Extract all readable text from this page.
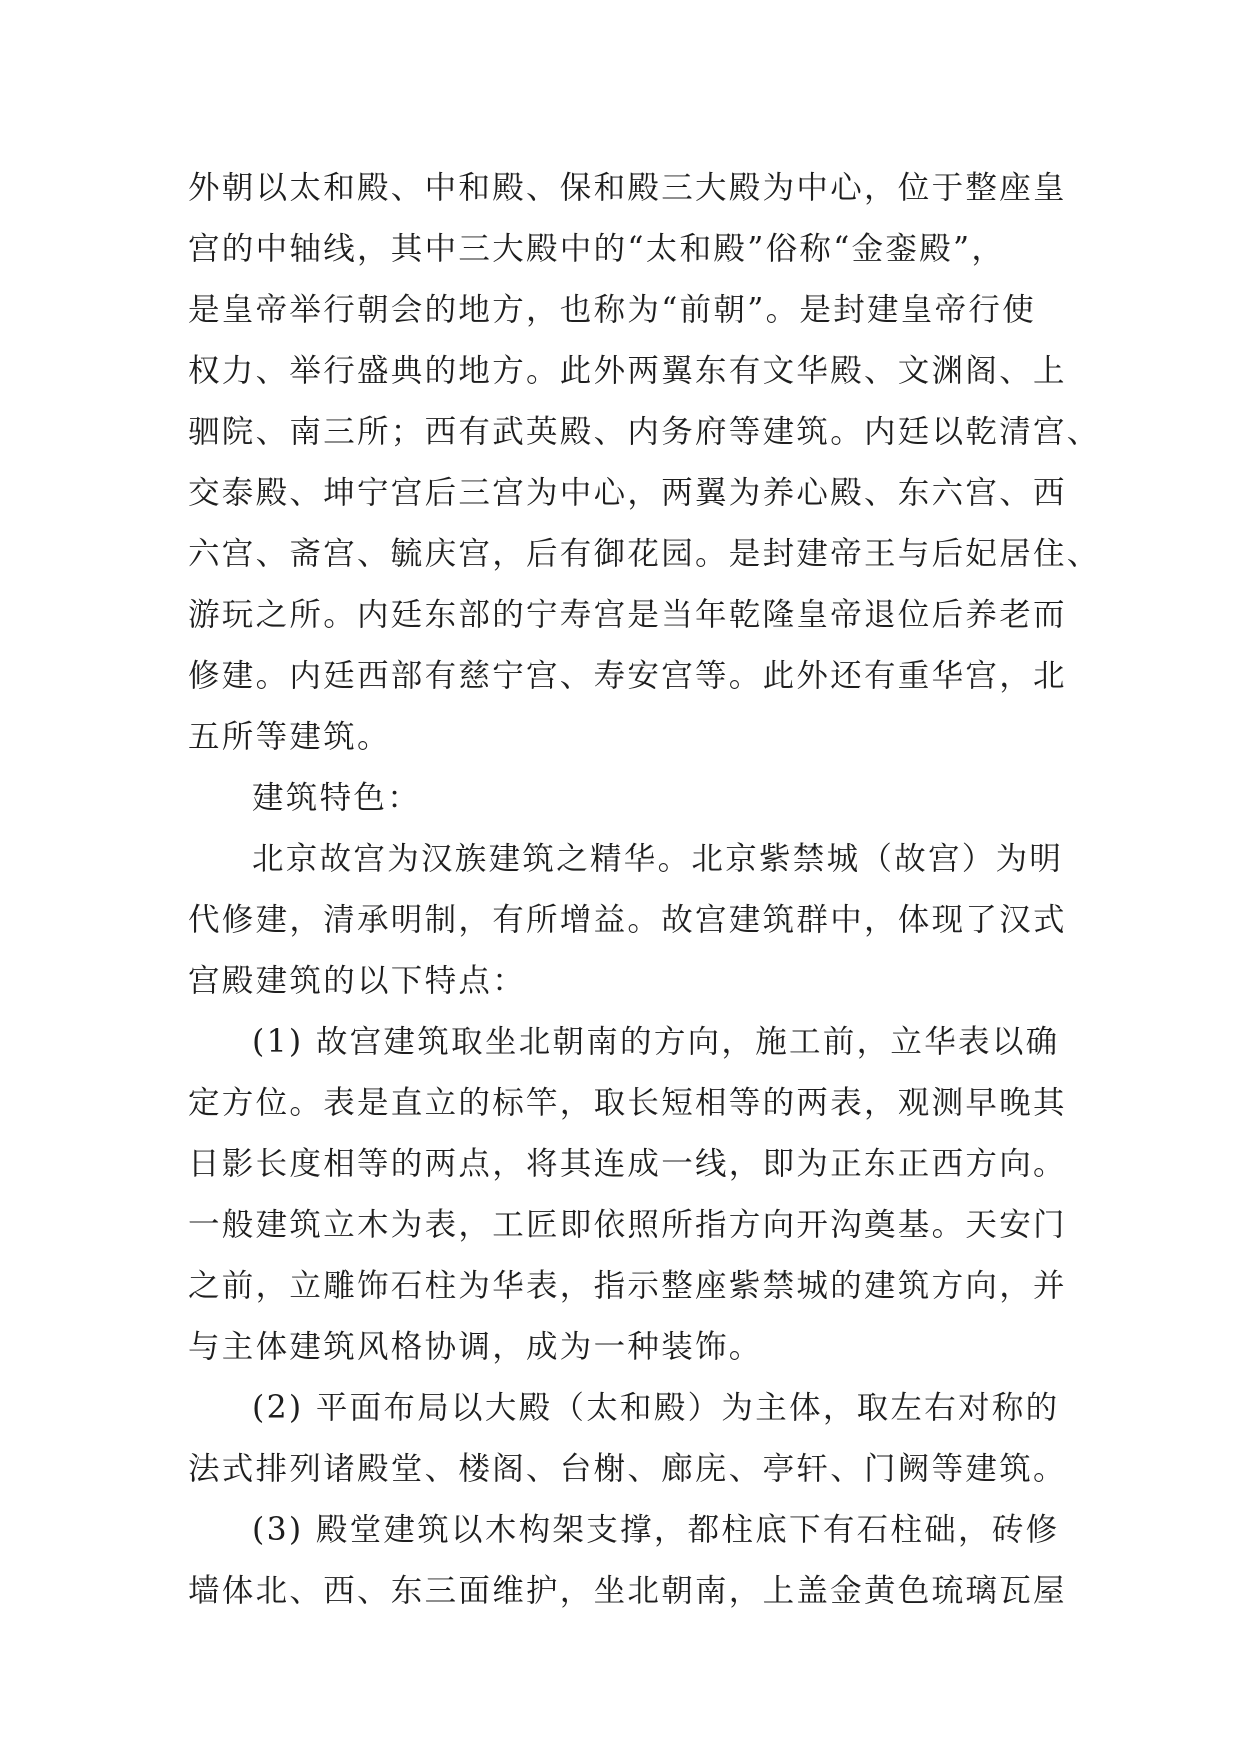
外朝以太和殿、中和殿、保和殿三大殿为中心，位于整座皇
宫的中轴线，其中三大殿中的“太和殿”俗称“金銮殿”，
是皇帝举行朝会的地方，也称为“前朝”。是封建皇帝行使
权力、举行盛典的地方。此外两翼东有文华殿、文渊阁、上
驷院、南三所；西有武英殿、内务府等建筑。内廷以乾清宫、
交泰殿、坤宁宫后三宫为中心，两翼为养心殿、东六宫、西
六宫、斋宫、毓庆宫，后有御花园。是封建帝王与后妃居住、
游玩之所。内廷东部的宁寿宫是当年乾隆皇帝退位后养老而
修建。内廷西部有慈宁宫、寿安宫等。此外还有重华宫，北
五所等建筑。
建筑特色：
北京故宫为汉族建筑之精华。北京紫禁城（故宫）为明
代修建，清承明制，有所增益。故宫建筑群中，体现了汉式
宫殿建筑的以下特点：
(1) 故宫建筑取坐北朝南的方向，施工前，立华表以确
定方位。表是直立的标竿，取长短相等的两表，观测早晚其
日影长度相等的两点，将其连成一线，即为正东正西方向。
一般建筑立木为表，工匠即依照所指方向开沟奠基。天安门
之前，立雕饰石柱为华表，指示整座紫禁城的建筑方向，并
与主体建筑风格协调，成为一种装饰。
(2) 平面布局以大殿（太和殿）为主体，取左右对称的
法式排列诸殿堂、楼阁、台榭、廊庑、亭轩、门阙等建筑。
(3) 殿堂建筑以木构架支撑，都柱底下有石柱础，砖修
墙体北、西、东三面维护，坐北朝南，上盖金黄色琉璃瓦屋
